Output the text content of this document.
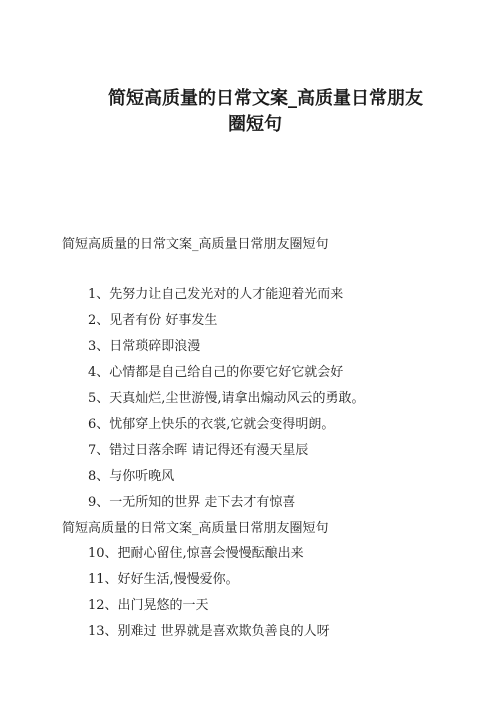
简短高质量的日常文案_高质量日常朋友
圈短句

简短高质量的日常文案_高质量日常朋友圈短句

1、先努力让自己发光对的人才能迎着光而来
2、见者有份 好事发生
3、日常琐碎即浪漫
4、心情都是自己给自己的你要它好它就会好
5、天真灿烂,尘世游慢,请拿出煽动风云的勇敢。
6、忧郁穿上快乐的衣裳,它就会变得明朗。
7、错过日落余晖 请记得还有漫天星辰
8、与你听晚风
9、一无所知的世界 走下去才有惊喜

简短高质量的日常文案_高质量日常朋友圈短句

10、把耐心留住,惊喜会慢慢酝酿出来
11、好好生活,慢慢爱你。
12、出门晃悠的一天
13、别难过 世界就是喜欢欺负善良的人呀
